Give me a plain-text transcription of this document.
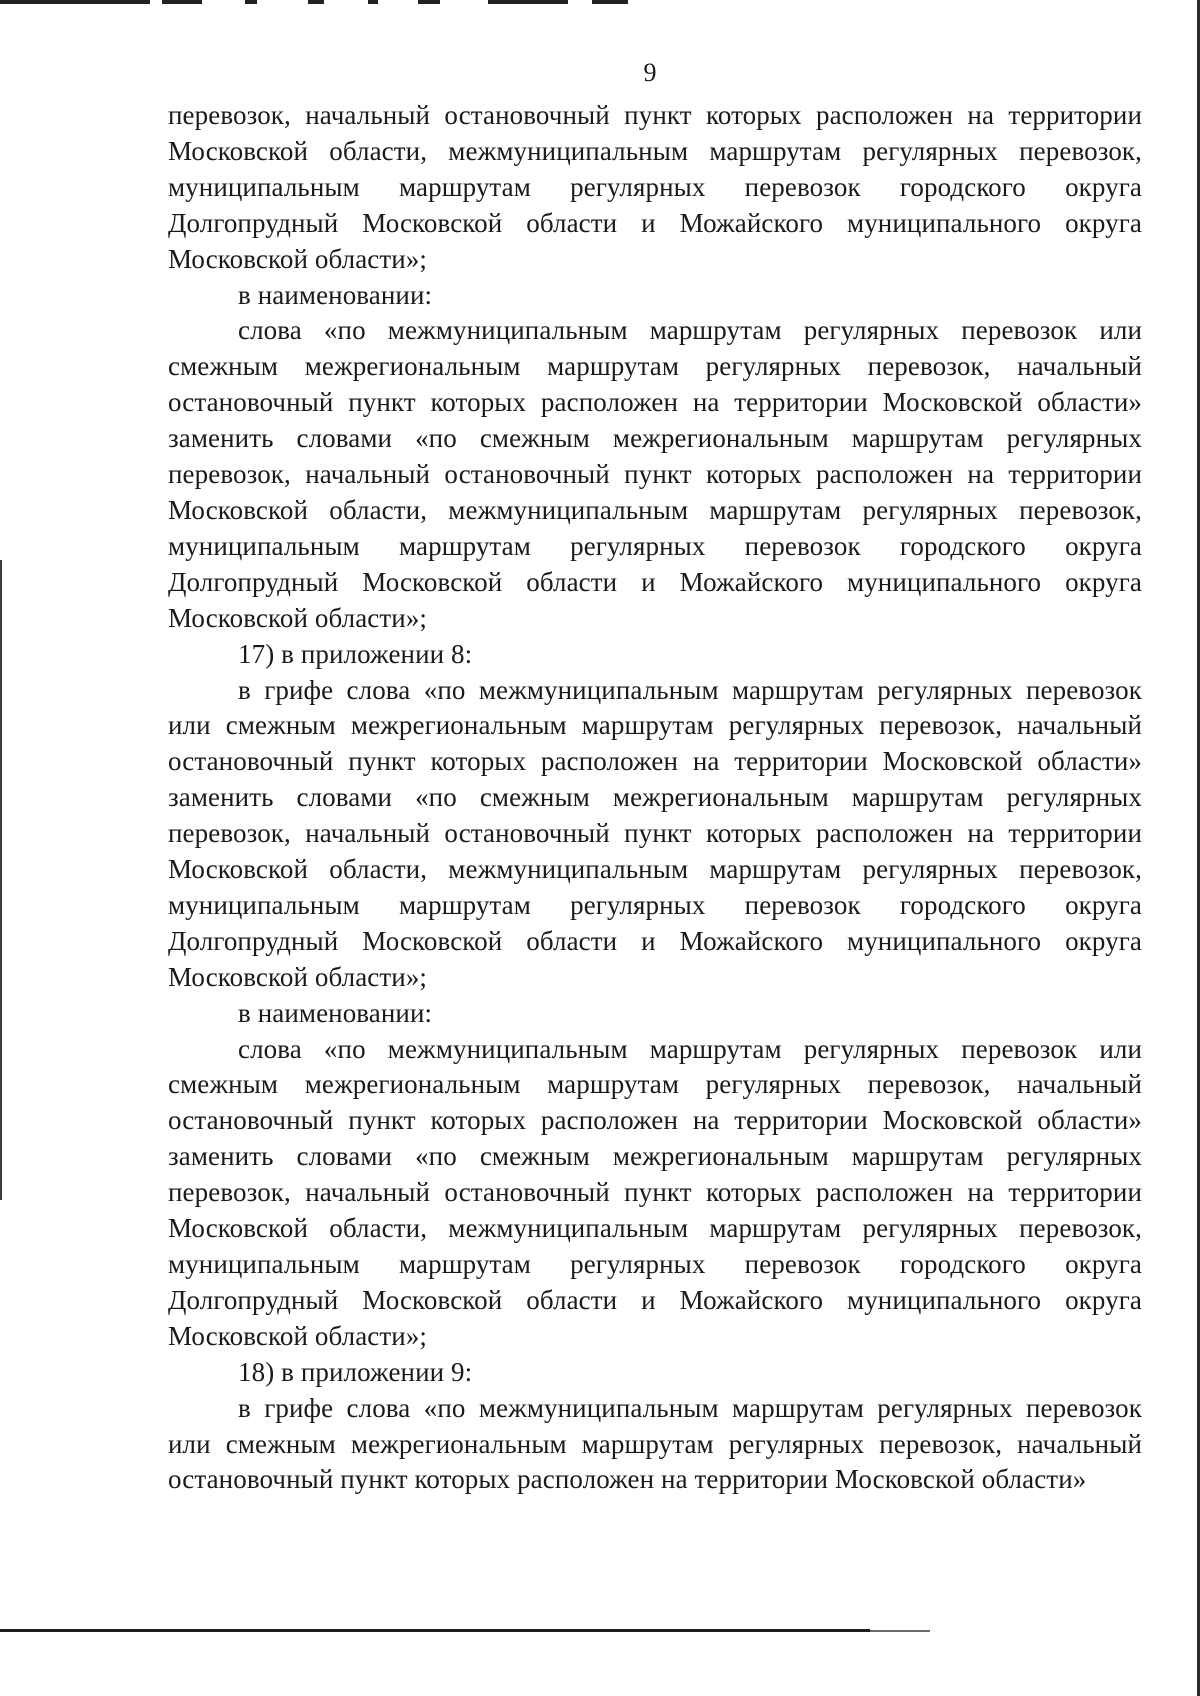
9

перевозок, начальный остановочный пункт которых расположен на территории Московской области, межмуниципальным маршрутам регулярных перевозок, муниципальным маршрутам регулярных перевозок городского округа Долгопрудный Московской области и Можайского муниципального округа Московской области»;

в наименовании:

слова «по межмуниципальным маршрутам регулярных перевозок или смежным межрегиональным маршрутам регулярных перевозок, начальный остановочный пункт которых расположен на территории Московской области» заменить словами «по смежным межрегиональным маршрутам регулярных перевозок, начальный остановочный пункт которых расположен на территории Московской области, межмуниципальным маршрутам регулярных перевозок, муниципальным маршрутам регулярных перевозок городского округа Долгопрудный Московской области и Можайского муниципального округа Московской области»;

17) в приложении 8:

в грифе слова «по межмуниципальным маршрутам регулярных перевозок или смежным межрегиональным маршрутам регулярных перевозок, начальный остановочный пункт которых расположен на территории Московской области» заменить словами «по смежным межрегиональным маршрутам регулярных перевозок, начальный остановочный пункт которых расположен на территории Московской области, межмуниципальным маршрутам регулярных перевозок, муниципальным маршрутам регулярных перевозок городского округа Долгопрудный Московской области и Можайского муниципального округа Московской области»;

в наименовании:

слова «по межмуниципальным маршрутам регулярных перевозок или смежным межрегиональным маршрутам регулярных перевозок, начальный остановочный пункт которых расположен на территории Московской области» заменить словами «по смежным межрегиональным маршрутам регулярных перевозок, начальный остановочный пункт которых расположен на территории Московской области, межмуниципальным маршрутам регулярных перевозок, муниципальным маршрутам регулярных перевозок городского округа Долгопрудный Московской области и Можайского муниципального округа Московской области»;

18) в приложении 9:

в грифе слова «по межмуниципальным маршрутам регулярных перевозок или смежным межрегиональным маршрутам регулярных перевозок, начальный остановочный пункт которых расположен на территории Московской области»
